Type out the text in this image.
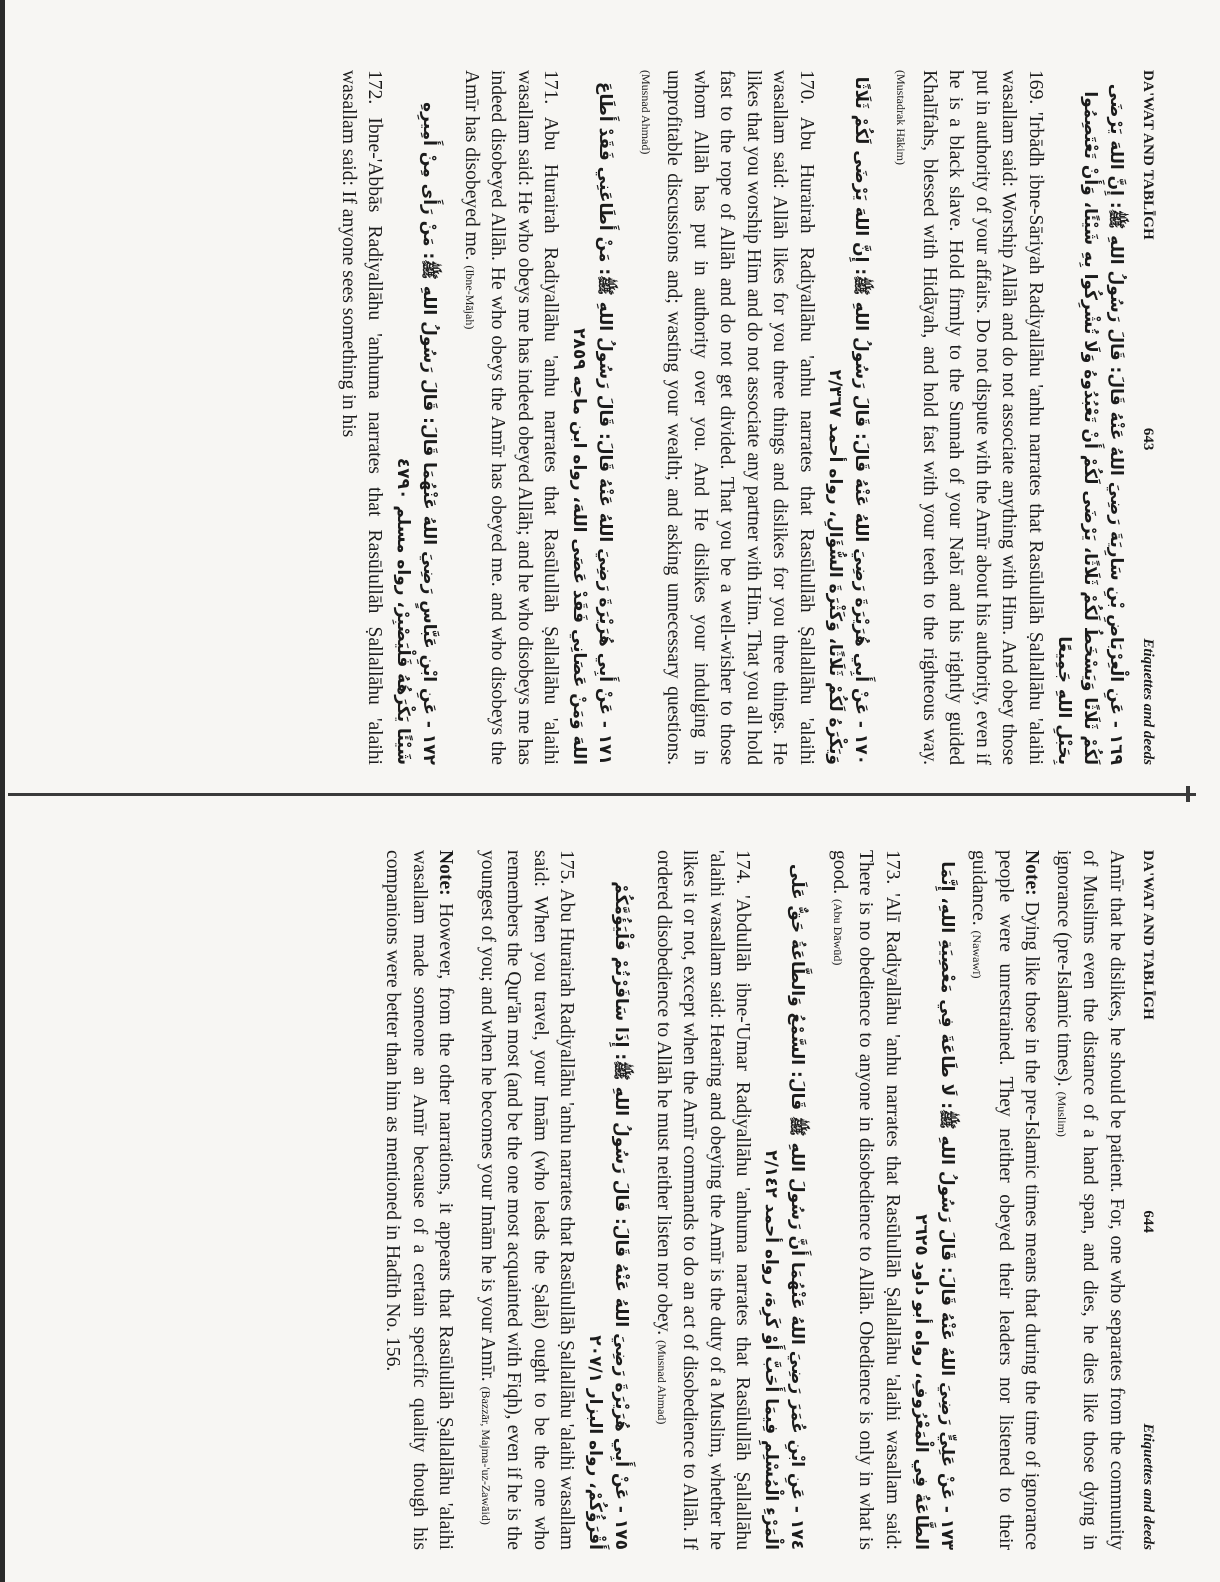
DA'WAT AND TABLĪGH
643
Etiquettes and deeds
١٦٩ - عَنِ الْعِرْبَاضِ بْنِ سَارِيَةَ رَضِيَ اللهُ عَنْهُ قَالَ: قَالَ رَسُولُ اللهِ ﷺ: إِنَّ اللهَ يَرْضَى لَكُمْ ثَلَاثًا وَيَسْخَطُ لَكُمْ ثَلَاثًا، يَرْضَى لَكُمْ أَنْ تَعْبُدُوهُ وَلَا تُشْرِكُوا بِهِ شَيْئًا، وَأَنْ تَعْتَصِمُوا بِحَبْلِ اللهِ جَمِيعًا

169. 'Irbādh ibne-Sāriyah Radiyallāhu 'anhu narrates that Rasūlullāh Ṣallallāhu 'alaihi wasallam said: Worship Allāh and do not associate anything with Him. And obey those put in authority of your affairs. Do not dispute with the Amīr about his authority, even if he is a black slave. Hold firmly to the Sunnah of your Nabī and his rightly guided Khalīfahs, blessed with Hidāyah, and hold fast with your teeth to the righteous way. (Mustadrak Hākim)

١٧٠ - عَنْ أَبِي هُرَيْرَةَ رَضِيَ اللهُ عَنْهُ قَالَ: قَالَ رَسُولُ اللهِ ﷺ: إِنَّ اللهَ يَرْضَى لَكُمْ ثَلَاثًا وَيَكْرَهُ لَكُمْ ثَلَاثًا، وَكَثْرَةَ السُّؤَالِ، رواه أحمد ٢/٣٦٧

170. Abu Hurairah Radiyallāhu 'anhu narrates that Rasūlullāh Ṣallallāhu 'alaihi wasallam said: Allāh likes for you three things and dislikes for you three things. He likes that you worship Him and do not associate any partner with Him. That you all hold fast to the rope of Allāh and do not get divided. That you be a well-wisher to those whom Allāh has put in authority over you. And He dislikes your indulging in unprofitable discussions and; wasting your wealth; and asking unnecessary questions. (Musnad Ahmad)

١٧١ - عَنْ أَبِي هُرَيْرَةَ رَضِيَ اللهُ عَنْهُ قَالَ: قَالَ رَسُولُ اللهِ ﷺ: مَنْ أَطَاعَنِي فَقَدْ أَطَاعَ اللهَ وَمَنْ عَصَانِي فَقَدْ عَصَى اللهَ، رواه ابن ماجه ٢٨٥٩

171. Abu Hurairah Radiyallāhu 'anhu narrates that Rasūlullāh Ṣallallāhu 'alaihi wasallam said: He who obeys me has indeed obeyed Allāh; and he who disobeys me has indeed disobeyed Allāh. He who obeys the Amīr has obeyed me. and who disobeys the Amīr has disobeyed me. (Ibne-Mājah)

١٧٢ - عَنِ ابْنِ عَبَّاسٍ رَضِيَ اللهُ عَنْهُمَا قَالَ: قَالَ رَسُولُ اللهِ ﷺ: مَنْ رَأَى مِنْ أَمِيرِهِ شَيْئًا يَكْرَهُهُ فَلْيَصْبِرْ، رواه مسلم ٤٧٩٠

172. Ibne-'Abbās Radiyallāhu 'anhuma narrates that Rasūlullāh Ṣallallāhu 'alaihi wasallam said: If anyone sees something in his

DA'WAT AND TABLĪGH
644
Etiquettes and deeds

Amīr that he dislikes, he should be patient. For, one who separates from the community of Muslims even the distance of a hand span, and dies, he dies like those dying in ignorance (pre-Islamic times). (Muslim)

Note: Dying like those in the pre-Islamic times means that during the time of ignorance people were unrestrained. They neither obeyed their leaders nor listened to their guidance. (Nawawī)

١٧٣ - عَنْ عَلِيٍّ رَضِيَ اللهُ عَنْهُ قَالَ: قَالَ رَسُولُ اللهِ ﷺ: لَا طَاعَةَ فِي مَعْصِيَةِ اللهِ، إِنَّمَا الطَّاعَةُ فِي الْمَعْرُوفِ، رواه أبو داود ٢٦٢٥

173. 'Alī Radiyallāhu 'anhu narrates that Rasūlullāh Ṣallallāhu 'alaihi wasallam said: There is no obedience to anyone in disobedience to Allāh. Obedience is only in what is good. (Abu Dāwūd)

١٧٤ - عَنِ ابْنِ عُمَرَ رَضِيَ اللهُ عَنْهُمَا أَنَّ رَسُولَ اللهِ ﷺ قَالَ: السَّمْعُ وَالطَّاعَةُ حَقٌّ عَلَى الْمَرْءِ الْمُسْلِمِ فِيمَا أَحَبَّ أَوْ كَرِهَ، رواه أحمد ٢/١٤٢

174. 'Abdullāh ibne-'Umar Radiyallāhu 'anhuma narrates that Rasūlullāh Ṣallallāhu 'alaihi wasallam said: Hearing and obeying the Amīr is the duty of a Muslim, whether he likes it or not, except when the Amīr commands to do an act of disobedience to Allāh. If ordered disobedience to Allāh he must neither listen nor obey. (Musnad Ahmad)

١٧٥ - عَنْ أَبِي هُرَيْرَةَ رَضِيَ اللهُ عَنْهُ قَالَ: قَالَ رَسُولُ اللهِ ﷺ: إِذَا سَافَرْتُمْ فَلْيَؤُمَّكُمْ أَقْرَؤُكُمْ، رواه البزار ٢٠٧/١

175. Abu Hurairah Radiyallāhu 'anhu narrates that Rasūlullāh Ṣallallāhu 'alaihi wasallam said: When you travel, your Imām (who leads the Ṣalāt) ought to be the one who remembers the Qur'ān most (and be the one most acquainted with Fiqh), even if he is the youngest of you; and when he becomes your Imām he is your Amīr. (Bazzār, Majma-'uz-Zawāid)

Note: However, from the other narrations, it appears that Rasūlullāh Ṣallallāhu 'alaihi wasallam made someone an Amīr because of a certain specific quality though his companions were better than him as mentioned in Hadīth No. 156.
